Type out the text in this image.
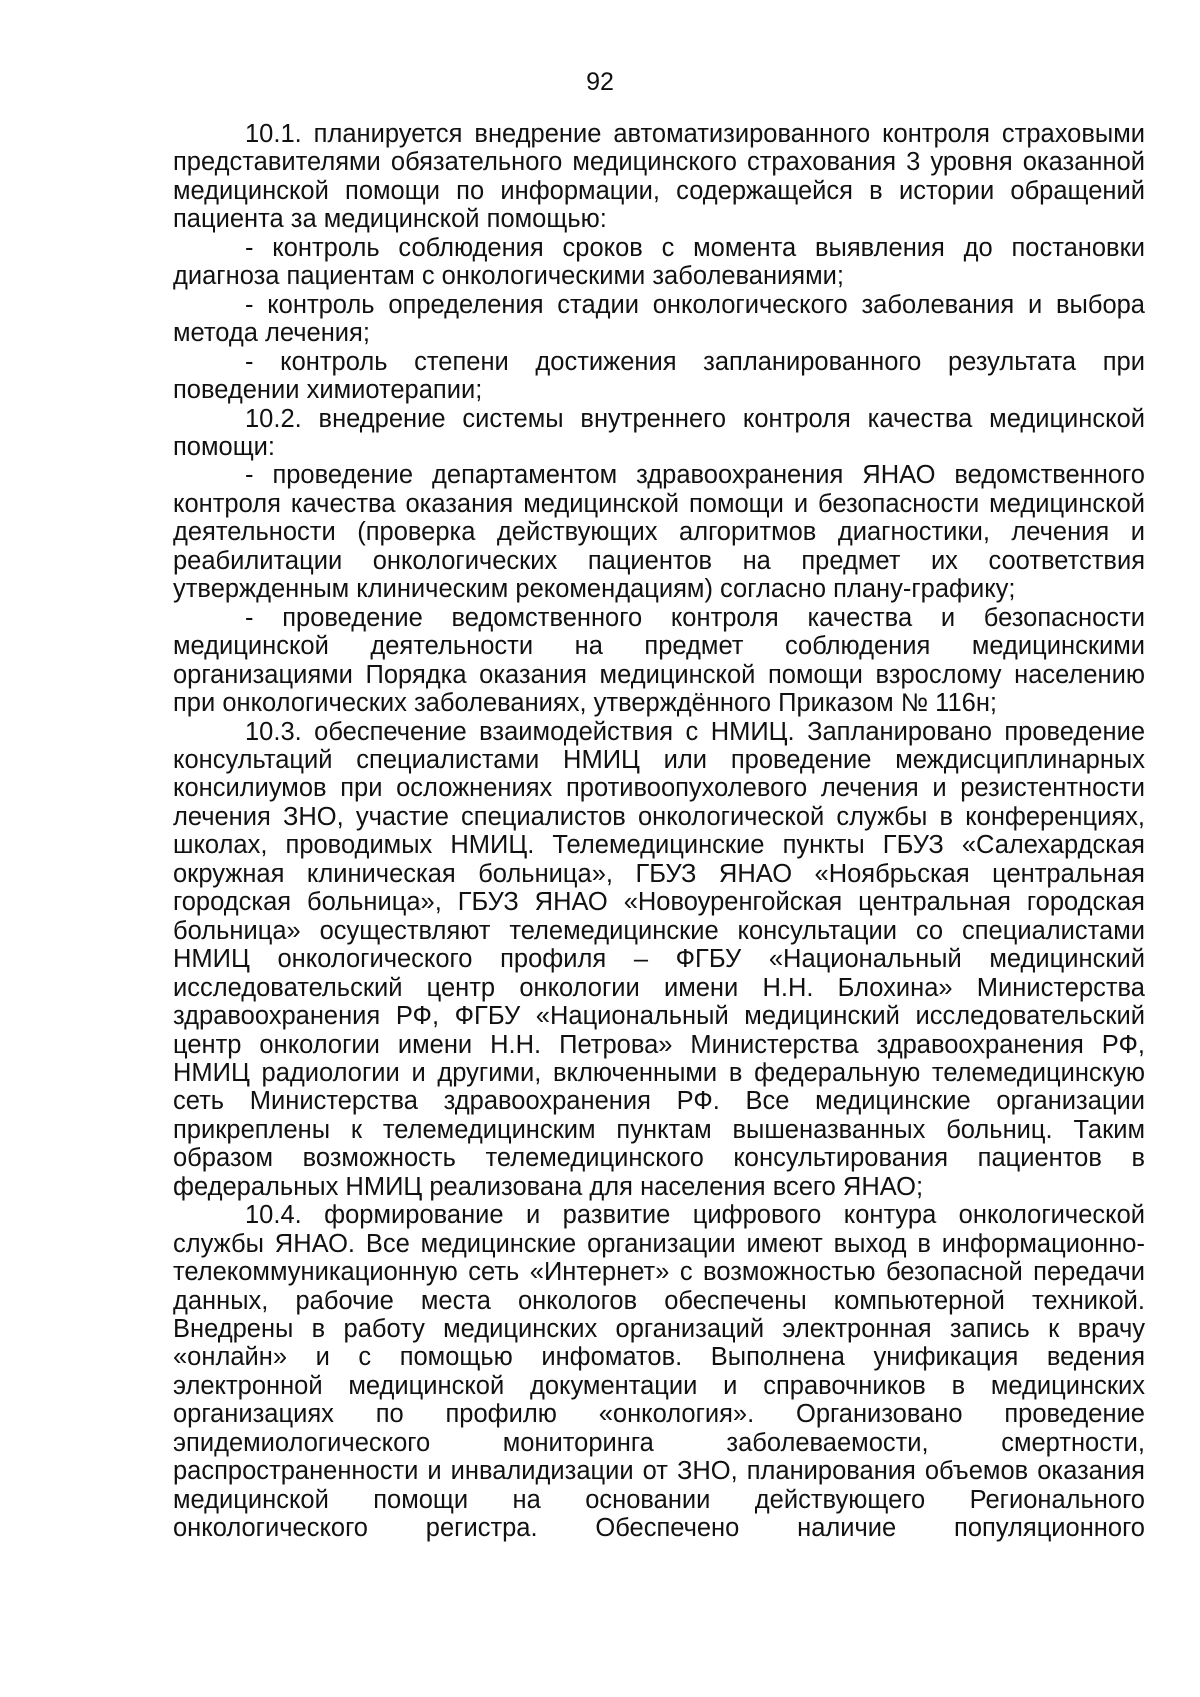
92

10.1. планируется внедрение автоматизированного контроля страховыми представителями обязательного медицинского страхования 3 уровня оказанной медицинской помощи по информации, содержащейся в истории обращений пациента за медицинской помощью:

- контроль соблюдения сроков с момента выявления до постановки диагноза пациентам с онкологическими заболеваниями;

- контроль определения стадии онкологического заболевания и выбора метода лечения;

- контроль степени достижения запланированного результата при поведении химиотерапии;

10.2. внедрение системы внутреннего контроля качества медицинской помощи:

- проведение департаментом здравоохранения ЯНАО ведомственного контроля качества оказания медицинской помощи и безопасности медицинской деятельности (проверка действующих алгоритмов диагностики, лечения и реабилитации онкологических пациентов на предмет их соответствия утвержденным клиническим рекомендациям) согласно плану-графику;

- проведение ведомственного контроля качества и безопасности медицинской деятельности на предмет соблюдения медицинскими организациями Порядка оказания медицинской помощи взрослому населению при онкологических заболеваниях, утверждённого Приказом № 116н;

10.3. обеспечение взаимодействия с НМИЦ. Запланировано проведение консультаций специалистами НМИЦ или проведение междисциплинарных консилиумов при осложнениях противоопухолевого лечения и резистентности лечения ЗНО, участие специалистов онкологической службы в конференциях, школах, проводимых НМИЦ. Телемедицинские пункты ГБУЗ «Салехардская окружная клиническая больница», ГБУЗ ЯНАО «Ноябрьская центральная городская больница», ГБУЗ ЯНАО «Новоуренгойская центральная городская больница» осуществляют телемедицинские консультации со специалистами НМИЦ онкологического профиля – ФГБУ «Национальный медицинский исследовательский центр онкологии имени Н.Н. Блохина» Министерства здравоохранения РФ, ФГБУ «Национальный медицинский исследовательский центр онкологии имени Н.Н. Петрова» Министерства здравоохранения РФ, НМИЦ радиологии и другими, включенными в федеральную телемедицинскую сеть Министерства здравоохранения РФ. Все медицинские организации прикреплены к телемедицинским пунктам вышеназванных больниц. Таким образом возможность телемедицинского консультирования пациентов в федеральных НМИЦ реализована для населения всего ЯНАО;

10.4. формирование и развитие цифрового контура онкологической службы ЯНАО. Все медицинские организации имеют выход в информационно-телекоммуникационную сеть «Интернет» с возможностью безопасной передачи данных, рабочие места онкологов обеспечены компьютерной техникой. Внедрены в работу медицинских организаций электронная запись к врачу «онлайн» и с помощью инфоматов. Выполнена унификация ведения электронной медицинской документации и справочников в медицинских организациях по профилю «онкология». Организовано проведение эпидемиологического мониторинга заболеваемости, смертности, распространенности и инвалидизации от ЗНО, планирования объемов оказания медицинской помощи на основании действующего Регионального онкологического регистра. Обеспечено наличие популяционного
